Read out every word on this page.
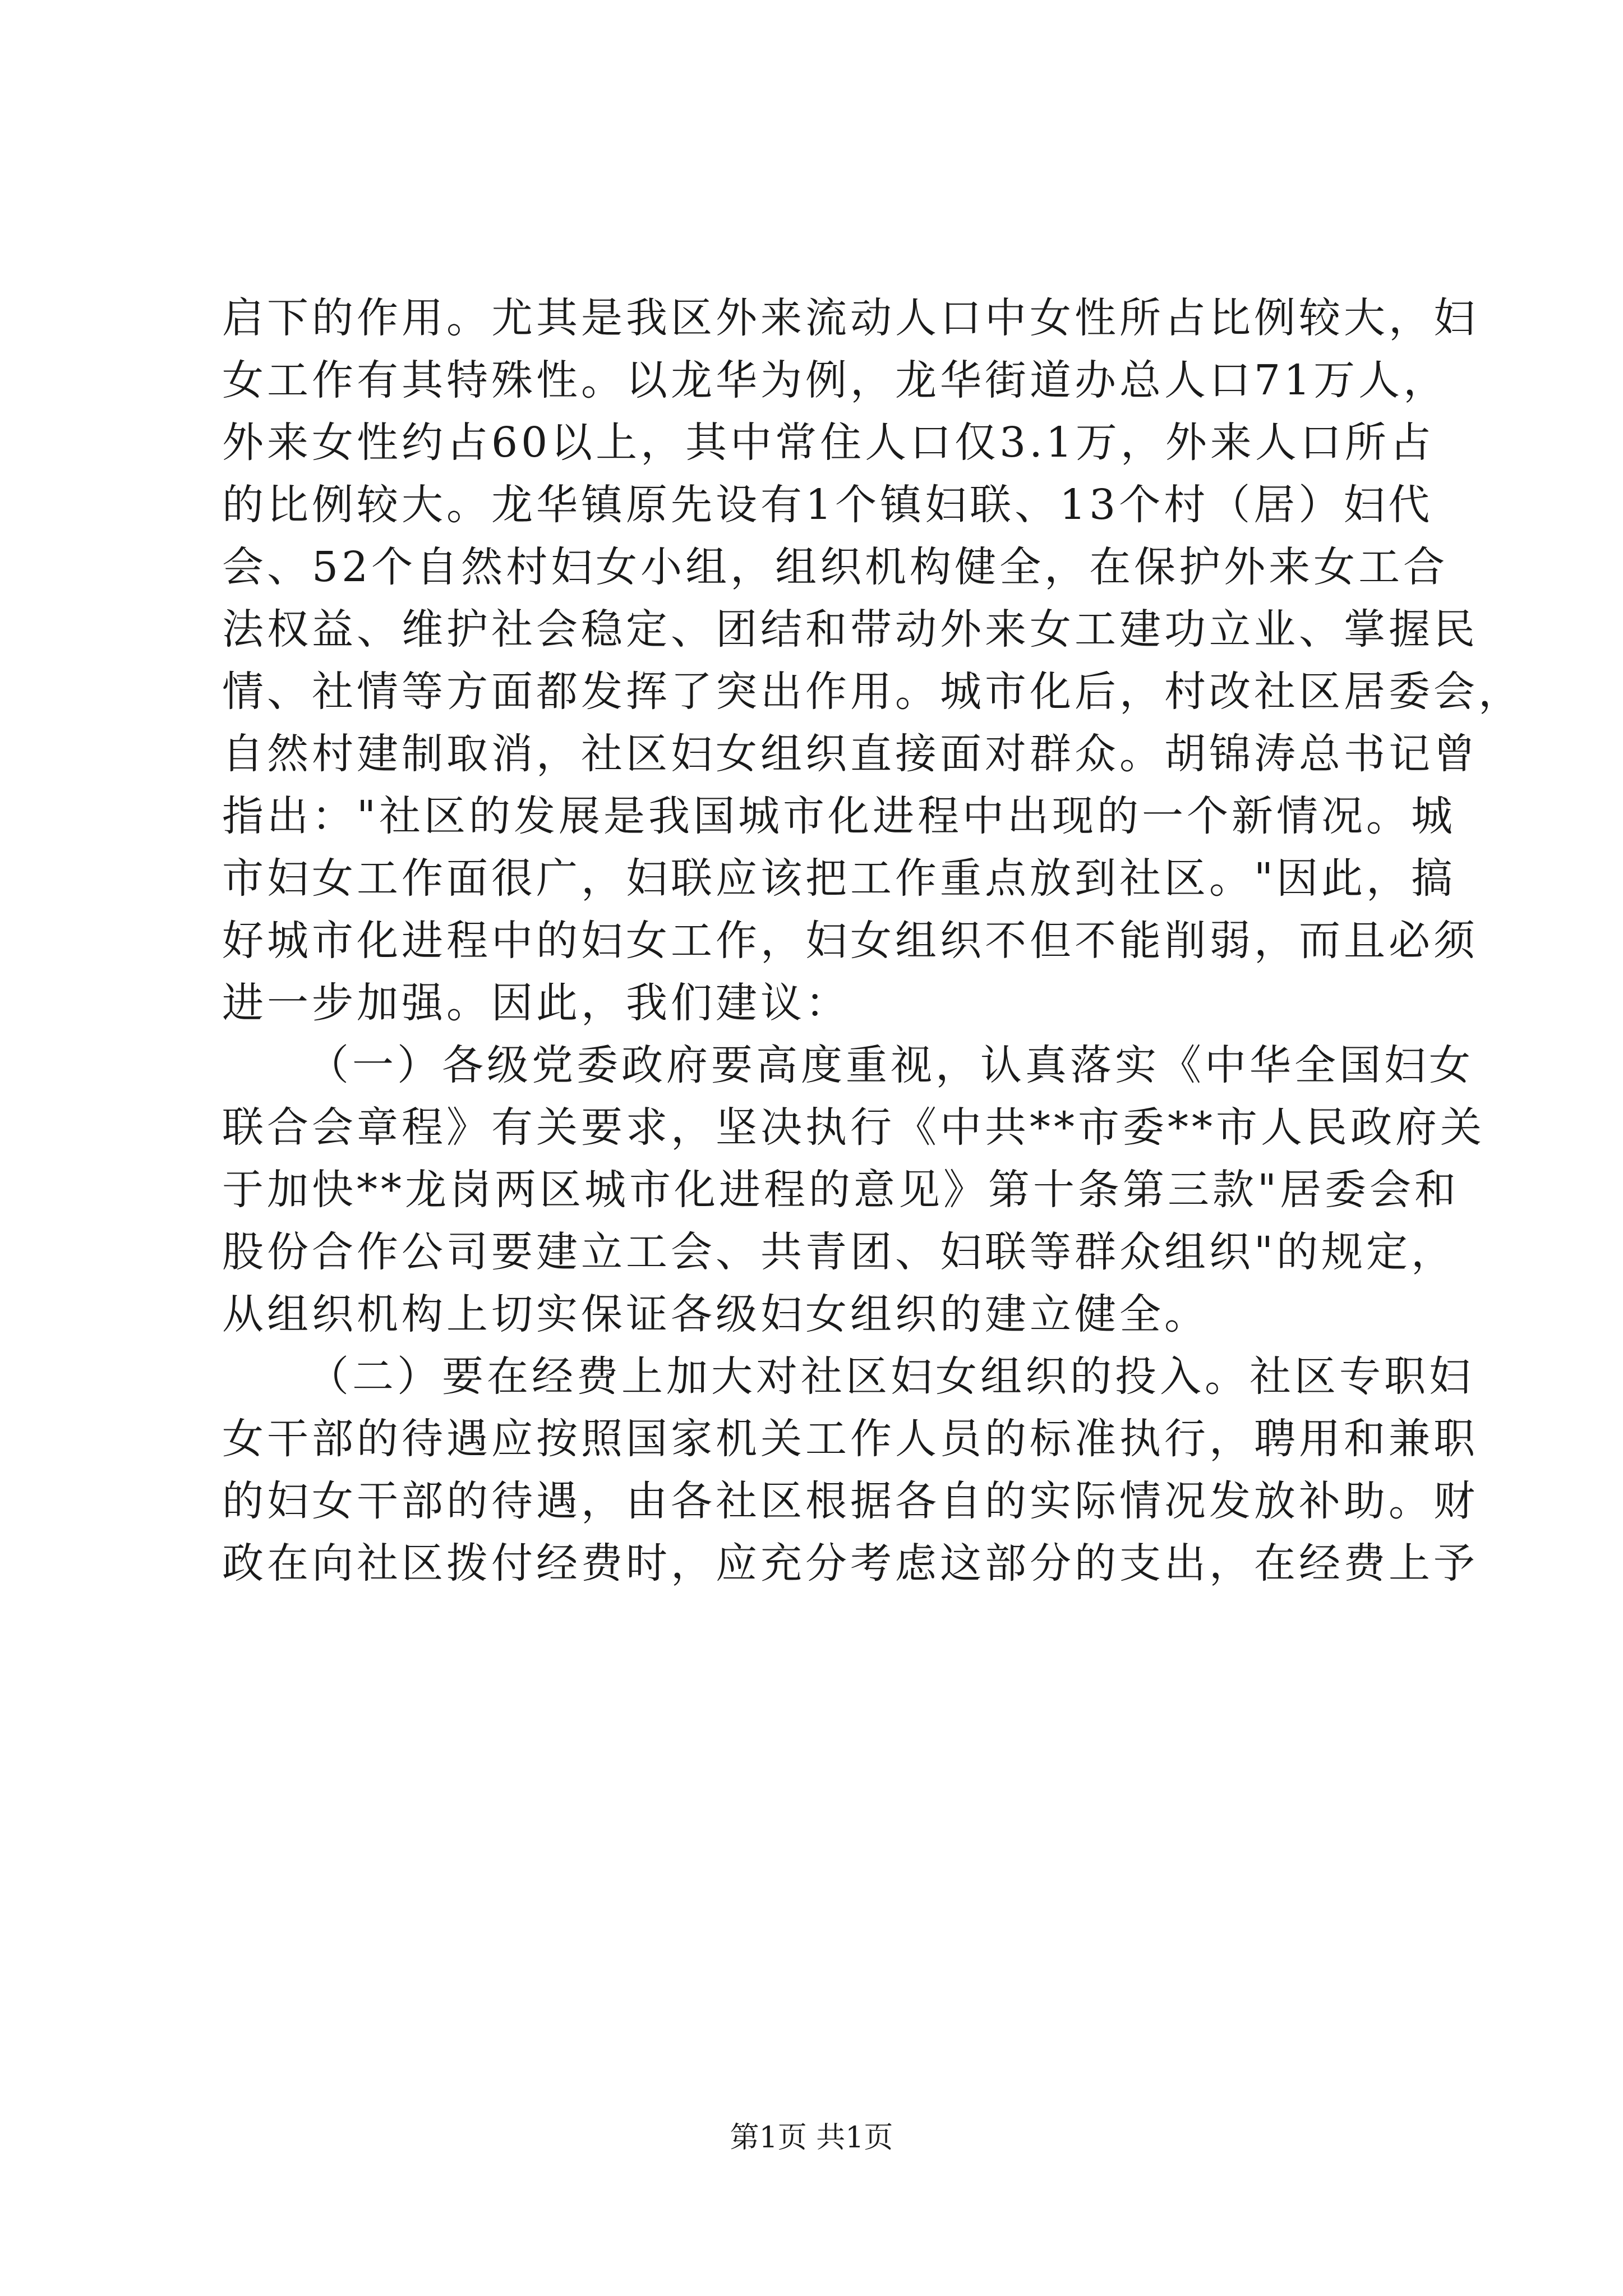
启下的作用。尤其是我区外来流动人口中女性所占比例较大，妇
女工作有其特殊性。以龙华为例，龙华街道办总人口71万人，
外来女性约占60以上，其中常住人口仅3.1万，外来人口所占
的比例较大。龙华镇原先设有1个镇妇联、13个村（居）妇代
会、52个自然村妇女小组，组织机构健全，在保护外来女工合
法权益、维护社会稳定、团结和带动外来女工建功立业、掌握民
情、社情等方面都发挥了突出作用。城市化后，村改社区居委会，
自然村建制取消，社区妇女组织直接面对群众。胡锦涛总书记曾
指出："社区的发展是我国城市化进程中出现的一个新情况。城
市妇女工作面很广，妇联应该把工作重点放到社区。"因此，搞
好城市化进程中的妇女工作，妇女组织不但不能削弱，而且必须
进一步加强。因此，我们建议：
（一）各级党委政府要高度重视，认真落实《中华全国妇女
联合会章程》有关要求，坚决执行《中共**市委**市人民政府关
于加快**龙岗两区城市化进程的意见》第十条第三款"居委会和
股份合作公司要建立工会、共青团、妇联等群众组织"的规定，
从组织机构上切实保证各级妇女组织的建立健全。
（二）要在经费上加大对社区妇女组织的投入。社区专职妇
女干部的待遇应按照国家机关工作人员的标准执行，聘用和兼职
的妇女干部的待遇，由各社区根据各自的实际情况发放补助。财
政在向社区拨付经费时，应充分考虑这部分的支出，在经费上予
第1页 共1页
